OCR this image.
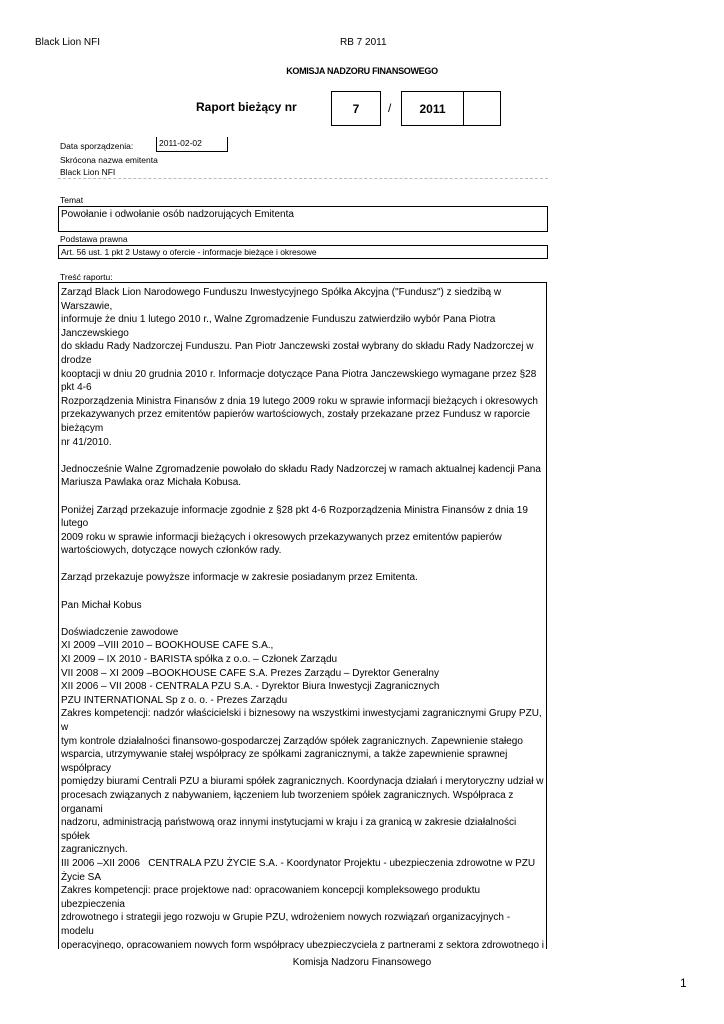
Black Lion NFI	RB 7 2011
KOMISJA NADZORU FINANSOWEGO
Raport bieżący nr	7	/	2011
Data sporządzenia:	2011-02-02
Skrócona nazwa emitenta
Black Lion NFI
Temat
Powołanie i odwołanie osób nadzorujących Emitenta
Podstawa prawna
Art. 56 ust. 1 pkt 2 Ustawy o ofercie - informacje bieżące i okresowe
Treść raportu:

Zarząd Black Lion Narodowego Funduszu Inwestycyjnego Spółka Akcyjna ("Fundusz") z siedzibą w Warszawie,

informuje że dniu 1 lutego 2010 r., Walne Zgromadzenie Funduszu zatwierdziło wybór Pana Piotra Janczewskiego

do składu Rady Nadzorczej Funduszu. Pan Piotr Janczewski został wybrany do składu Rady Nadzorczej w drodze

kooptacji w dniu 20 grudnia 2010 r. Informacje dotyczące Pana Piotra Janczewskiego wymagane przez §28 pkt 4-6

Rozporządzenia Ministra Finansów z dnia 19 lutego 2009 roku w sprawie informacji bieżących i okresowych

przekazywanych przez emitentów papierów wartościowych, zostały przekazane przez Fundusz w raporcie bieżącym

nr 41/2010.

Jednocześnie Walne Zgromadzenie powołało do składu Rady Nadzorczej w ramach aktualnej kadencji Pana

Mariusza Pawlaka oraz Michała Kobusa.

Poniżej Zarząd przekazuje informacje zgodnie z §28 pkt 4-6 Rozporządzenia Ministra Finansów z dnia 19 lutego

2009 roku w sprawie informacji bieżących i okresowych przekazywanych przez emitentów papierów

wartościowych, dotyczące nowych członków rady.

Zarząd przekazuje powyższe informacje w zakresie posiadanym przez Emitenta.

Pan Michał Kobus

Doświadczenie zawodowe

XI 2009 –VIII 2010 – BOOKHOUSE CAFE S.A.,

XI 2009 – IX 2010 - BARISTA spółka z o.o. – Członek Zarządu

VII 2008 – XI 2009 –BOOKHOUSE CAFE S.A. Prezes Zarządu – Dyrektor Generalny

XII 2006 – VII 2008 - CENTRALA PZU S.A. - Dyrektor Biura Inwestycji Zagranicznych

PZU INTERNATIONAL Sp z o. o. - Prezes Zarządu

Zakres kompetencji: nadzór właścicielski i biznesowy na wszystkimi inwestycjami zagranicznymi Grupy PZU, w

tym kontrole działalności finansowo-gospodarczej Zarządów spółek zagranicznych. Zapewnienie stałego

wsparcia, utrzymywanie stałej współpracy ze spółkami zagranicznymi, a także zapewnienie sprawnej współpracy

pomiędzy biurami Centrali PZU a biurami spółek zagranicznych. Koordynacja działań i merytoryczny udział w

procesach związanych z nabywaniem, łączeniem lub tworzeniem spółek zagranicznych. Współpraca z organami

nadzoru, administracją państwową oraz innymi instytucjami w kraju i za granicą w zakresie działalności spółek

zagranicznych.

III 2006 –XII 2006   CENTRALA PZU ŻYCIE S.A. - Koordynator Projektu - ubezpieczenia zdrowotne w PZU Życie SA

Zakres kompetencji: prace projektowe nad: opracowaniem koncepcji kompleksowego produktu ubezpieczenia

zdrowotnego i strategii jego rozwoju w Grupie PZU, wdrożeniem nowych rozwiązań organizacyjnych -  modelu

operacyjnego, opracowaniem nowych form współpracy ubezpieczyciela z partnerami z sektora zdrowotnego i

Komisja Nadzoru Finansowego
1
